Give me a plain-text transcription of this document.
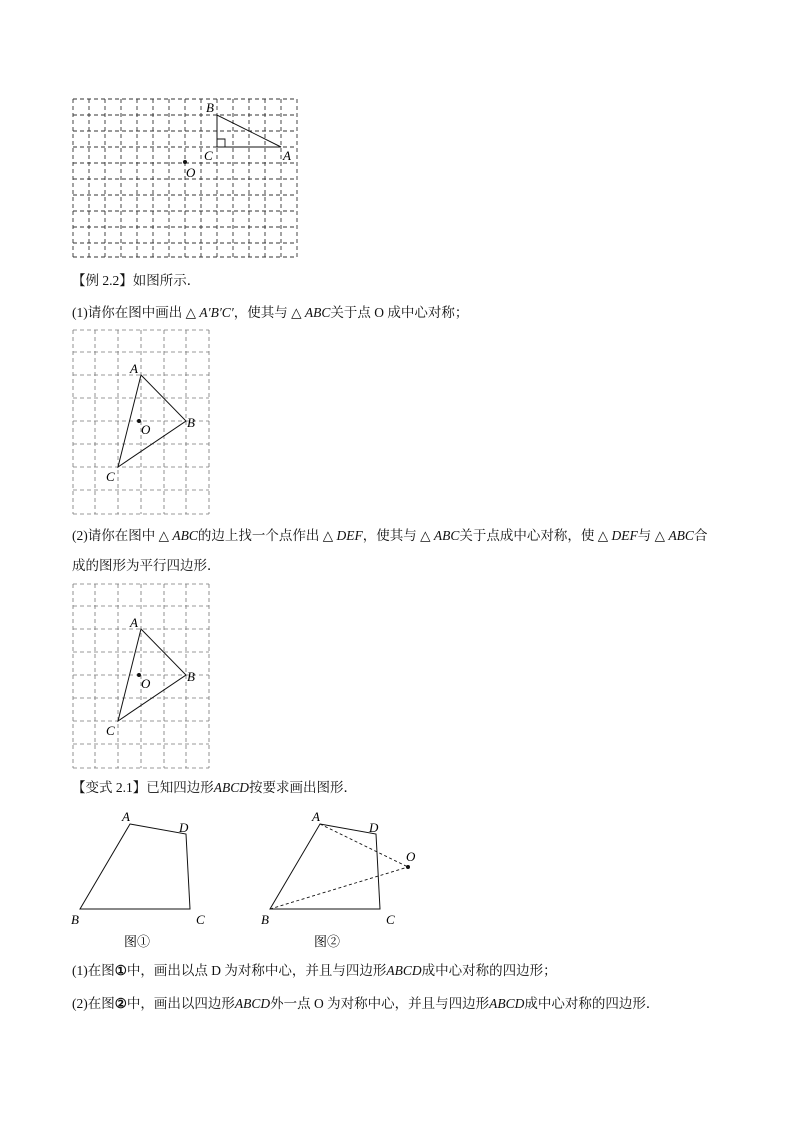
B
C	A
O
【例 2.2】如图所示．
(1)请你在图中画出 △ A′B′C′，使其与 △ ABC关于点 O 成中心对称；
A
O	B
C
(2)请你在图中 △ ABC的边上找一个点作出 △ DEF，使其与 △ ABC关于点成中心对称，使 △ DEF与 △ ABC合
成的图形为平行四边形．
A
O	B
C
【变式 2.1】已知四边形ABCD按要求画出图形．
A
D
B	C
图①
A
D
O
B	C
图②
(1)在图①中，画出以点 D 为对称中心，并且与四边形ABCD成中心对称的四边形；
(2)在图②中，画出以四边形ABCD外一点 O 为对称中心，并且与四边形ABCD成中心对称的四边形．
